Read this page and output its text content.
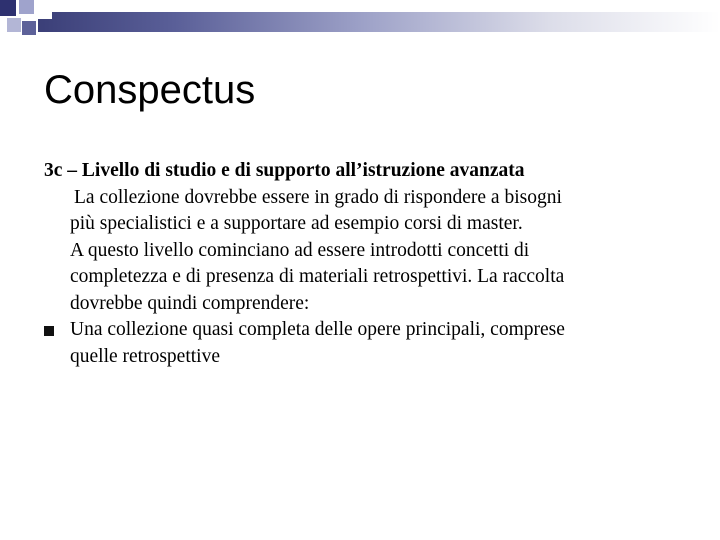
Conspectus
3c – Livello di studio e di supporto all’istruzione avanzata
La collezione dovrebbe essere in grado di rispondere a bisogni
più specialistici e a supportare ad esempio corsi di master.
A questo livello cominciano ad essere introdotti concetti di
completezza e di presenza di materiali retrospettivi. La raccolta
dovrebbe quindi comprendere:
Una collezione quasi completa delle opere principali, comprese
quelle retrospettive
